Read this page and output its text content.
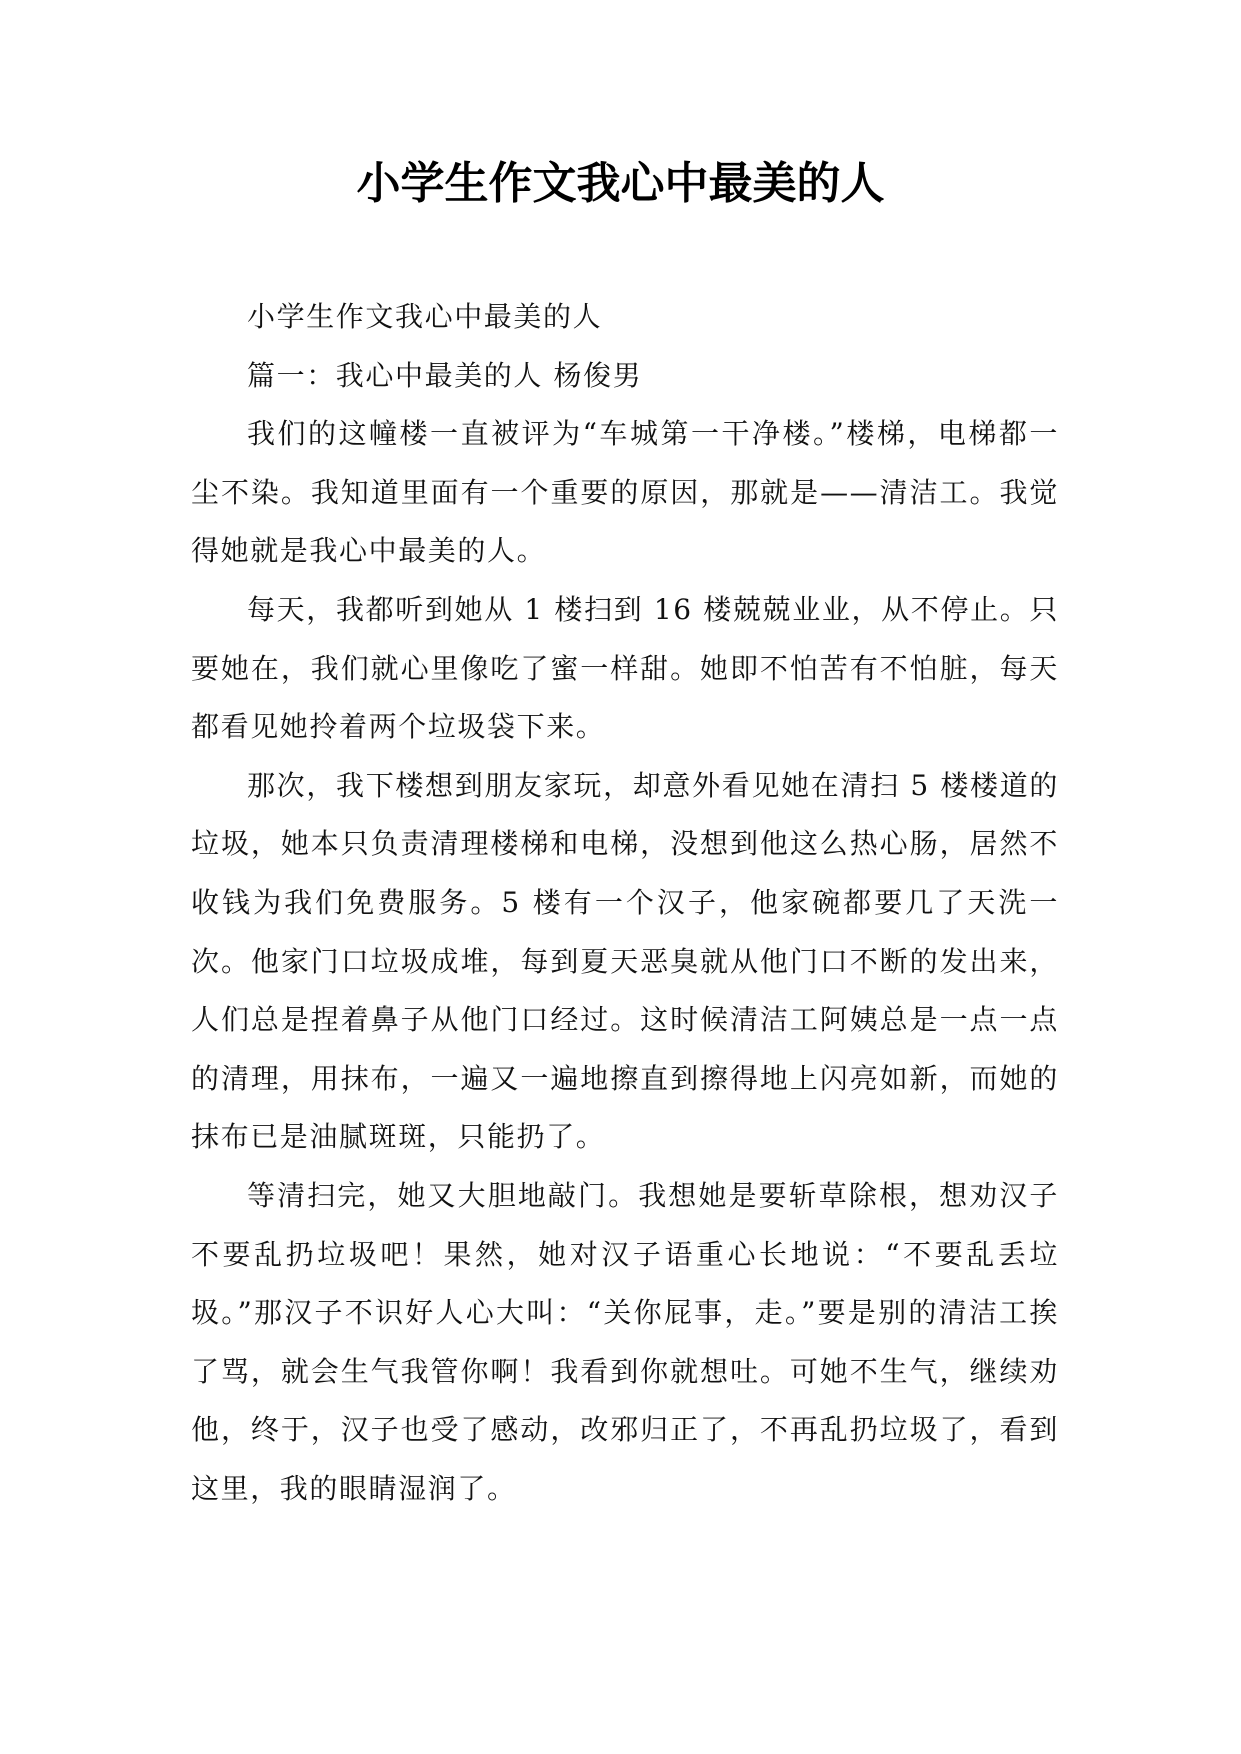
小学生作文我心中最美的人

小学生作文我心中最美的人

篇一：我心中最美的人 杨俊男

我们的这幢楼一直被评为“车城第一干净楼。”楼梯，电梯都一尘不染。我知道里面有一个重要的原因，那就是——清洁工。我觉得她就是我心中最美的人。

每天，我都听到她从 1 楼扫到 16 楼兢兢业业，从不停止。只要她在，我们就心里像吃了蜜一样甜。她即不怕苦有不怕脏，每天都看见她拎着两个垃圾袋下来。

那次，我下楼想到朋友家玩，却意外看见她在清扫 5 楼楼道的垃圾，她本只负责清理楼梯和电梯，没想到他这么热心肠，居然不收钱为我们免费服务。5 楼有一个汉子，他家碗都要几了天洗一次。他家门口垃圾成堆，每到夏天恶臭就从他门口不断的发出来，人们总是捏着鼻子从他门口经过。这时候清洁工阿姨总是一点一点的清理，用抹布，一遍又一遍地擦直到擦得地上闪亮如新，而她的抹布已是油腻斑斑，只能扔了。

等清扫完，她又大胆地敲门。我想她是要斩草除根，想劝汉子不要乱扔垃圾吧！果然，她对汉子语重心长地说：“不要乱丢垃圾。”那汉子不识好人心大叫：“关你屁事，走。”要是别的清洁工挨了骂，就会生气我管你啊！我看到你就想吐。可她不生气，继续劝他，终于，汉子也受了感动，改邪归正了，不再乱扔垃圾了，看到这里，我的眼睛湿润了。
